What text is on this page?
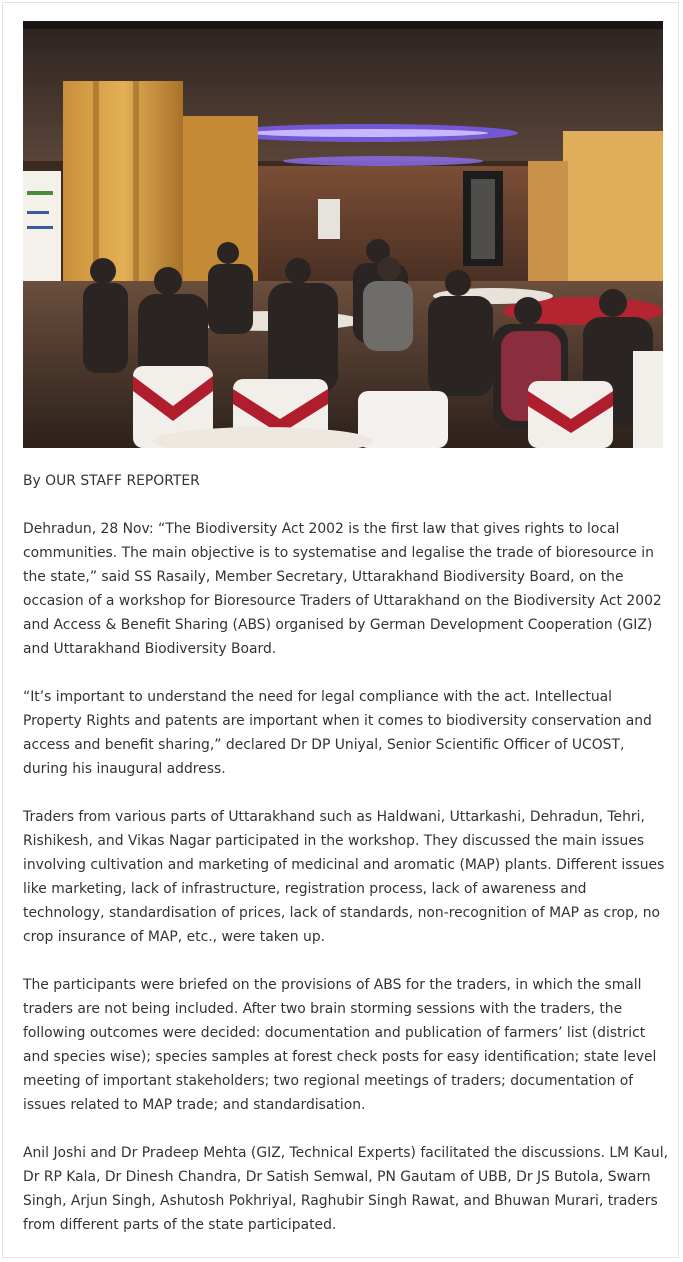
By OUR STAFF REPORTER

Dehradun, 28 Nov: “The Biodiversity Act 2002 is the first law that gives rights to local communities. The main objective is to systematise and legalise the trade of bioresource in the state,” said SS Rasaily, Member Secretary, Uttarakhand Biodiversity Board, on the occasion of a workshop for Bioresource Traders of Uttarakhand on the Biodiversity Act 2002 and Access & Benefit Sharing (ABS) organised by German Development Cooperation (GIZ) and Uttarakhand Biodiversity Board.

“It’s important to understand the need for legal compliance with the act. Intellectual Property Rights and patents are important when it comes to biodiversity conservation and access and benefit sharing,” declared Dr DP Uniyal, Senior Scientific Officer of UCOST, during his inaugural address.

Traders from various parts of Uttarakhand such as Haldwani, Uttarkashi, Dehradun, Tehri, Rishikesh, and Vikas Nagar participated in the workshop. They discussed the main issues involving cultivation and marketing of medicinal and aromatic (MAP) plants. Different issues like marketing, lack of infrastructure, registration process, lack of awareness and technology, standardisation of prices, lack of standards, non-recognition of MAP as crop, no crop insurance of MAP, etc., were taken up.

The participants were briefed on the provisions of ABS for the traders, in which the small traders are not being included. After two brain storming sessions with the traders, the following outcomes were decided: documentation and publication of farmers’ list (district and species wise); species samples at forest check posts for easy identification; state level meeting of important stakeholders; two regional meetings of traders; documentation of issues related to MAP trade; and standardisation.

Anil Joshi and Dr Pradeep Mehta (GIZ, Technical Experts) facilitated the discussions. LM Kaul, Dr RP Kala, Dr Dinesh Chandra, Dr Satish Semwal, PN Gautam of UBB, Dr JS Butola, Swarn Singh, Arjun Singh, Ashutosh Pokhriyal, Raghubir Singh Rawat, and Bhuwan Murari, traders from different parts of the state participated.
